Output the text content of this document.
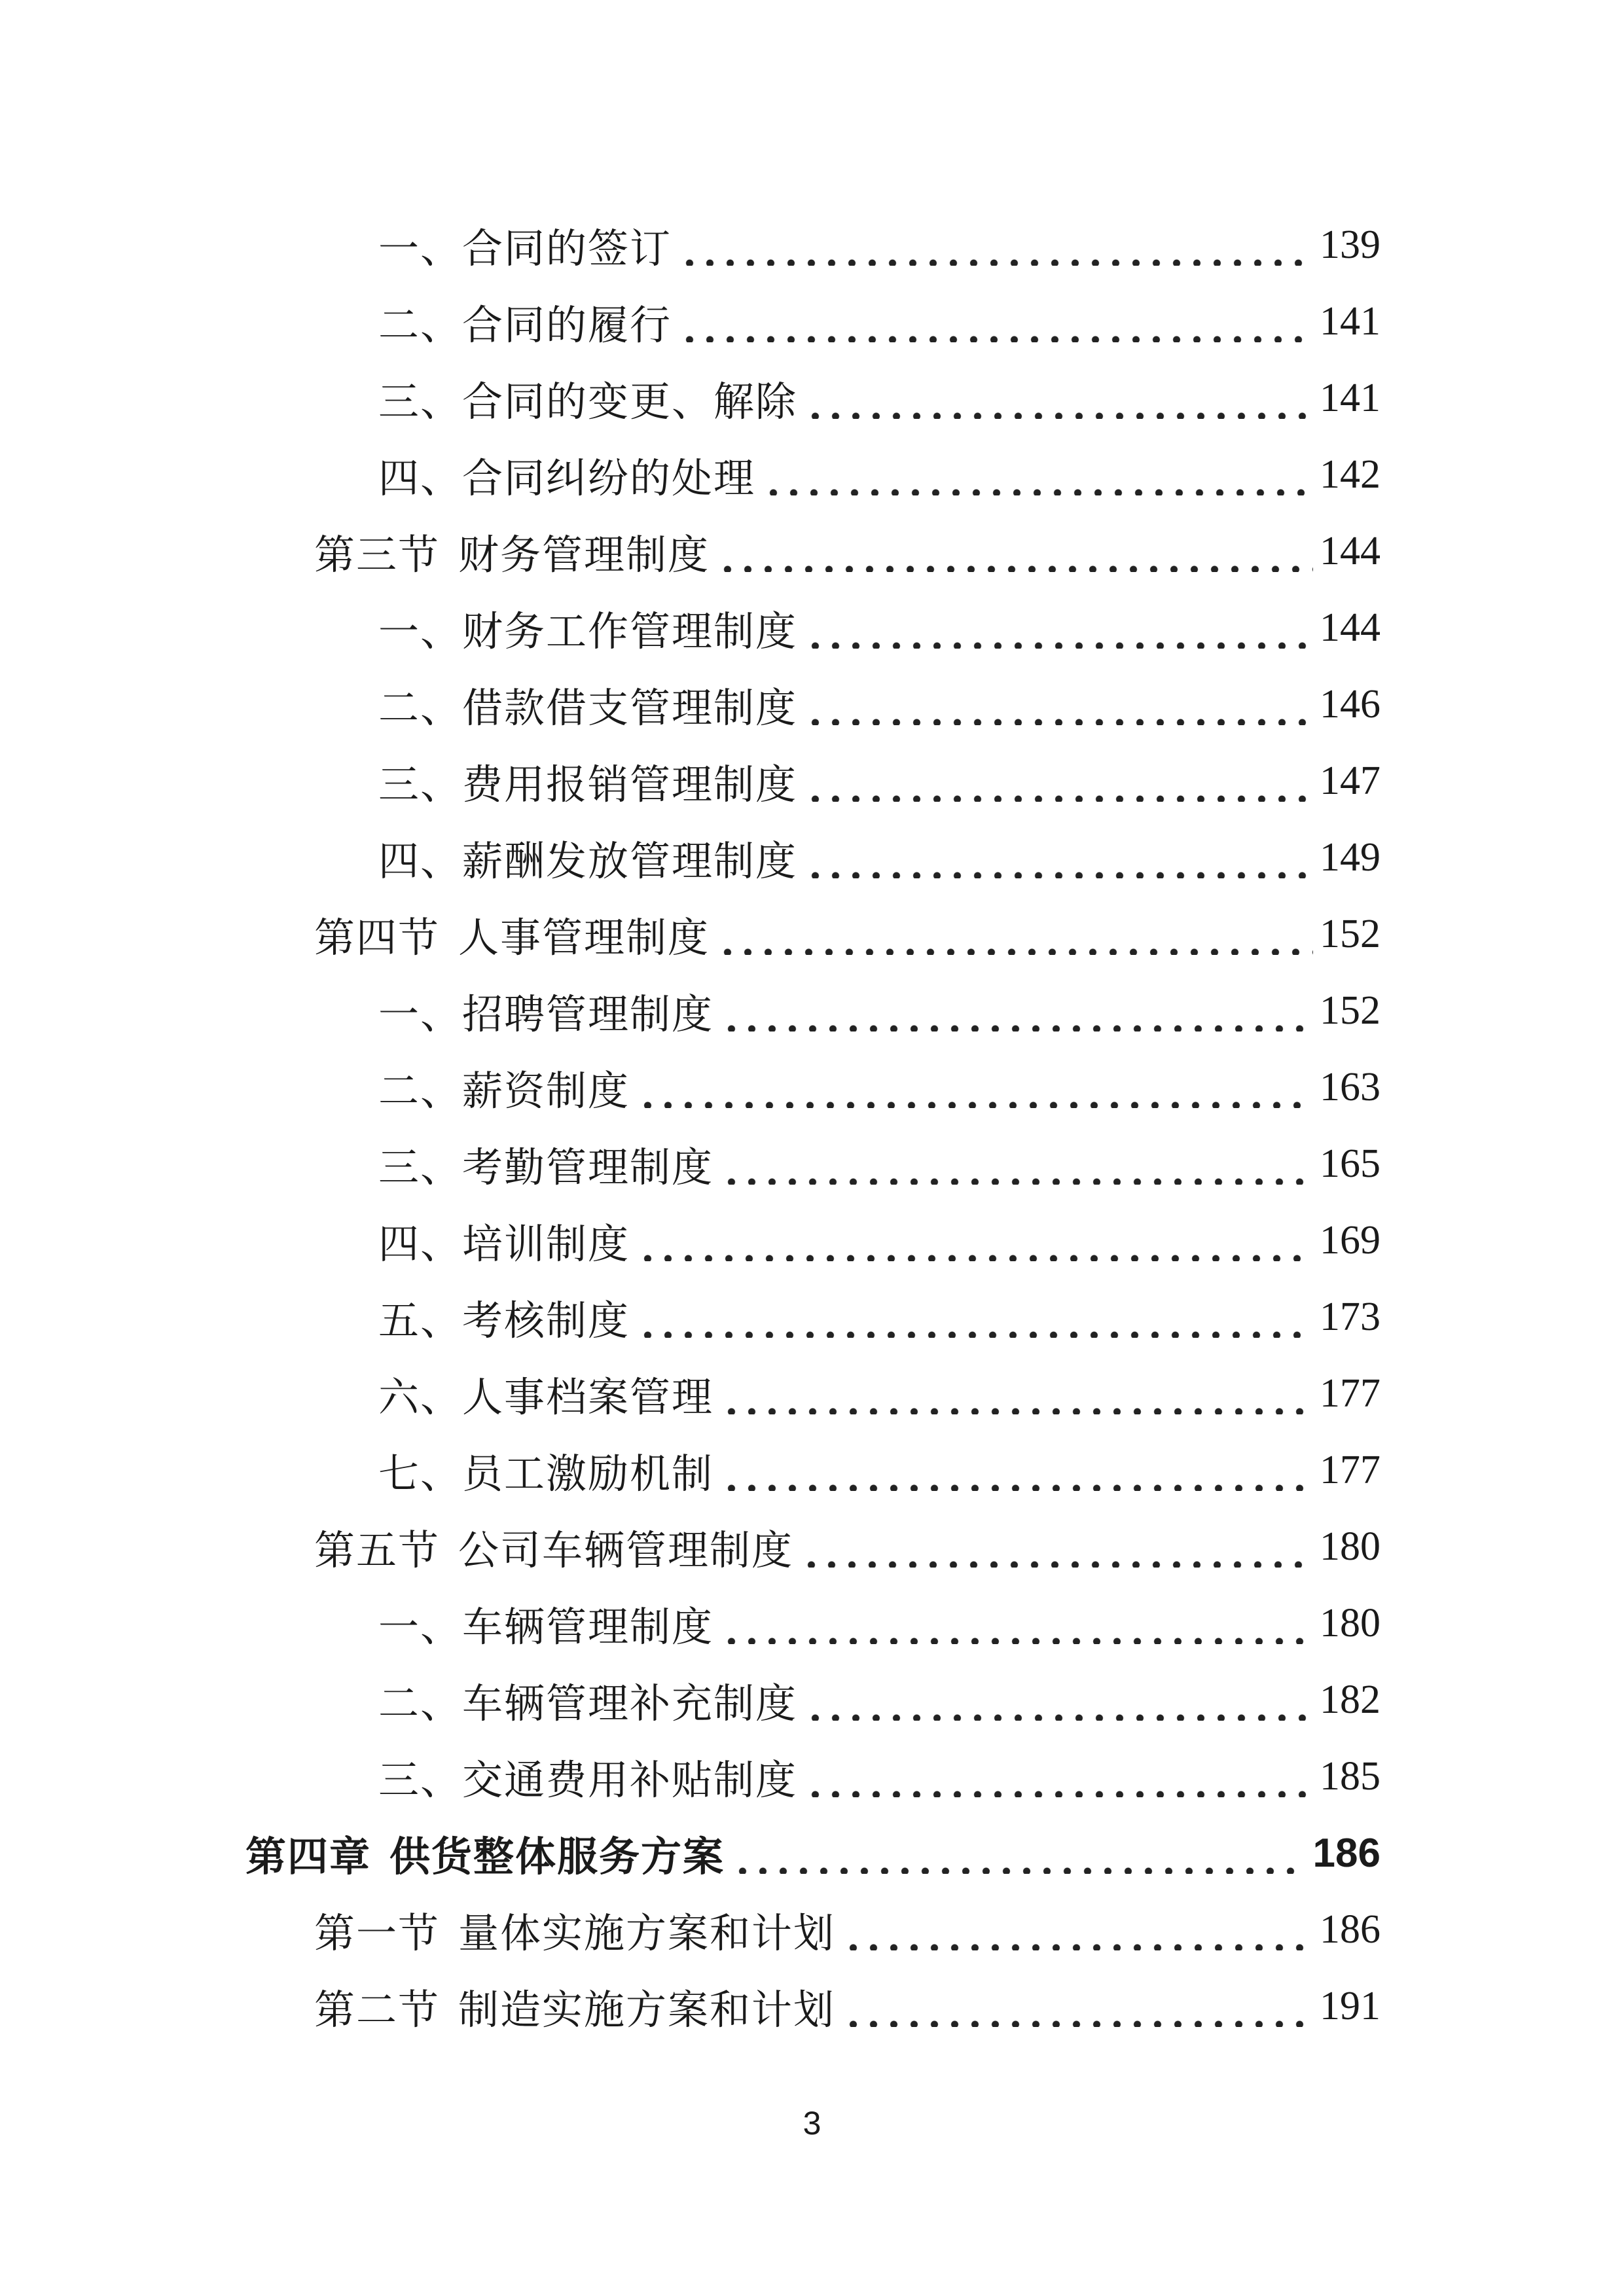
一、合同的签订	139
二、合同的履行	141
三、合同的变更、解除	141
四、合同纠纷的处理	142
第三节 财务管理制度	144
一、财务工作管理制度	144
二、借款借支管理制度	146
三、费用报销管理制度	147
四、薪酬发放管理制度	149
第四节 人事管理制度	152
一、招聘管理制度	152
二、薪资制度	163
三、考勤管理制度	165
四、培训制度	169
五、考核制度	173
六、人事档案管理	177
七、员工激励机制	177
第五节 公司车辆管理制度	180
一、车辆管理制度	180
二、车辆管理补充制度	182
三、交通费用补贴制度	185
第四章 供货整体服务方案	186
第一节 量体实施方案和计划	186
第二节 制造实施方案和计划	191
3
